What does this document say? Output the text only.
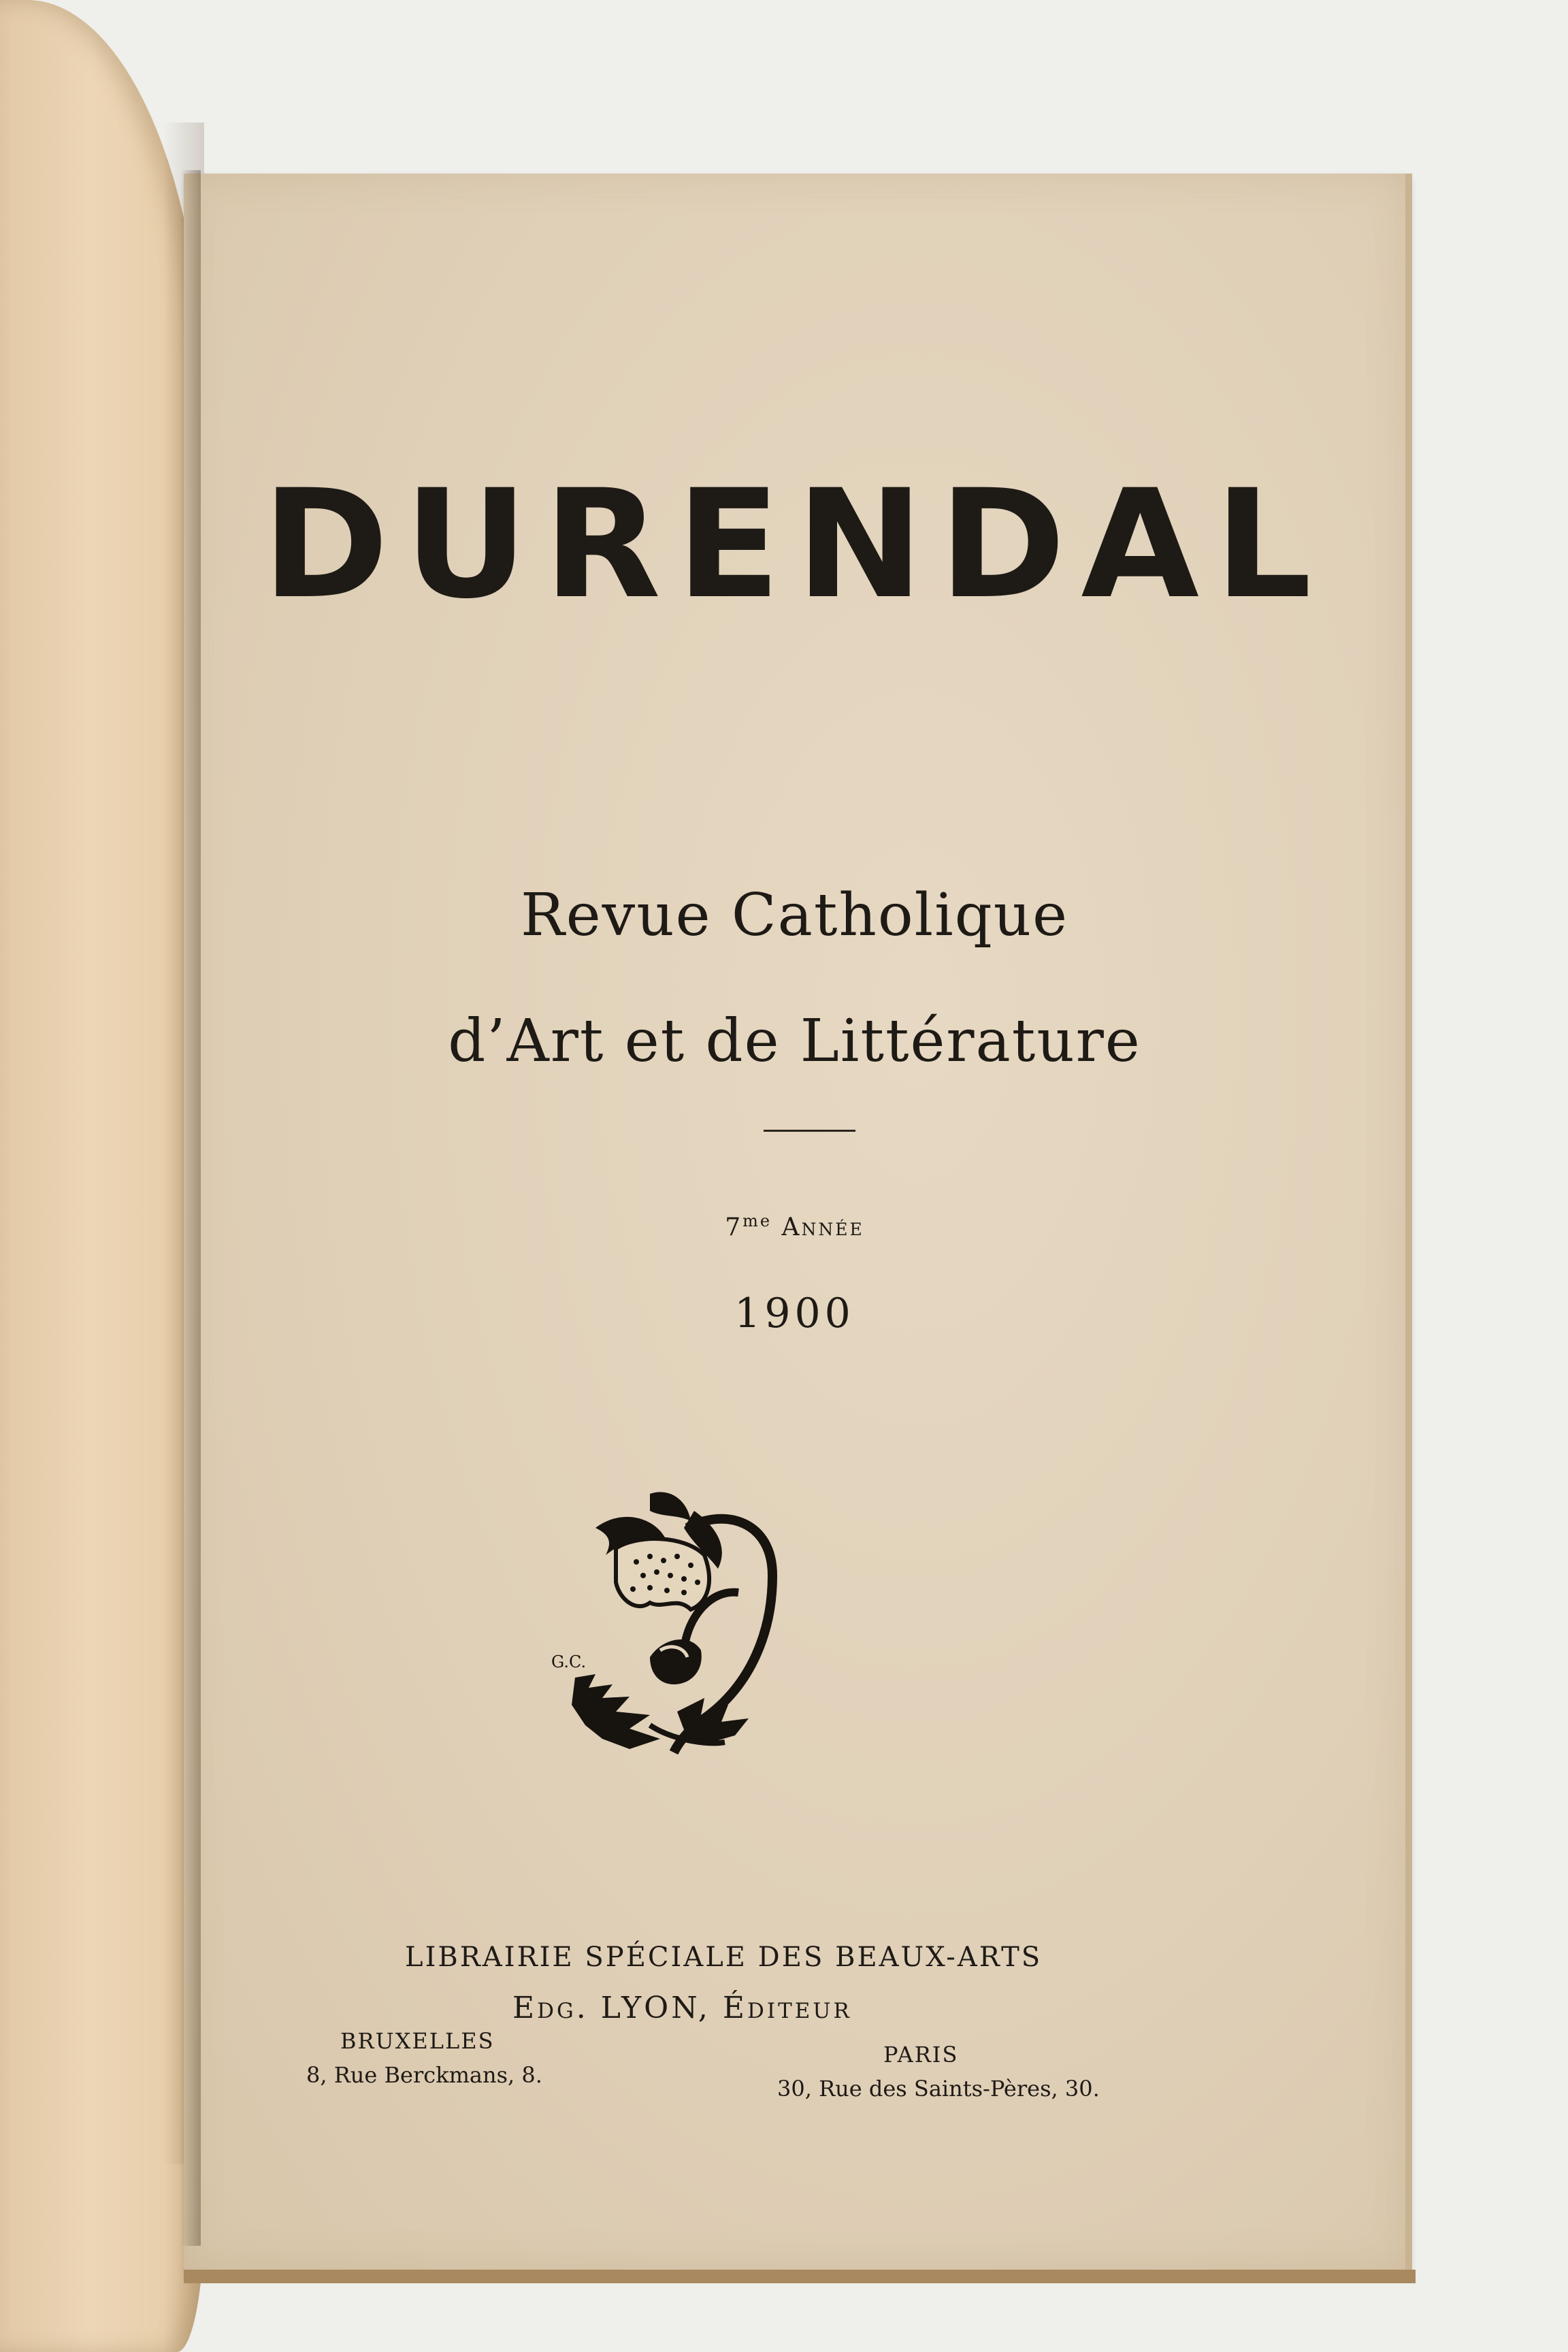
DURENDAL

Revue Catholique

d’Art et de Littérature

$7^{me}$ Année

1900

G.C.

LIBRAIRIE SPÉCIALE DES BEAUX-ARTS

Edg. LYON, Éditeur

BRUXELLES

8, Rue Berckmans, 8.

PARIS

30, Rue des Saints-Pères, 30.
